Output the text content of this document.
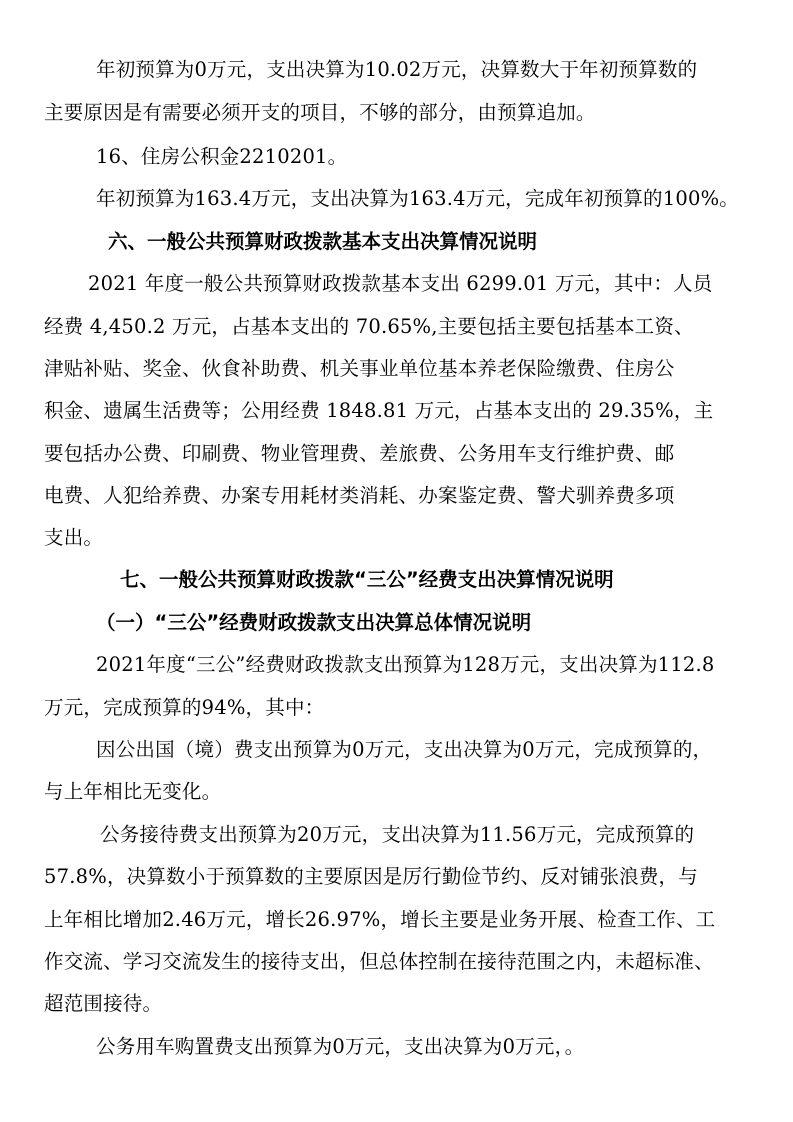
年初预算为0万元，支出决算为10.02万元，决算数大于年初预算数的
主要原因是有需要必须开支的项目，不够的部分，由预算追加。
16、住房公积金2210201。
年初预算为163.4万元，支出决算为163.4万元，完成年初预算的100%。
六、一般公共预算财政拨款基本支出决算情况说明
2021 年度一般公共预算财政拨款基本支出 6299.01 万元，其中：人员
经费 4,450.2 万元，占基本支出的 70.65%,主要包括主要包括基本工资、
津贴补贴、奖金、伙食补助费、机关事业单位基本养老保险缴费、住房公
积金、遗属生活费等；公用经费 1848.81 万元，占基本支出的 29.35%，主
要包括办公费、印刷费、物业管理费、差旅费、公务用车支行维护费、邮
电费、人犯给养费、办案专用耗材类消耗、办案鉴定费、警犬驯养费多项
支出。
七、一般公共预算财政拨款“三公”经费支出决算情况说明
（一）“三公”经费财政拨款支出决算总体情况说明
2021年度“三公”经费财政拨款支出预算为128万元，支出决算为112.8
万元，完成预算的94%，其中：
因公出国（境）费支出预算为0万元，支出决算为0万元，完成预算的，
与上年相比无变化。
公务接待费支出预算为20万元，支出决算为11.56万元，完成预算的
57.8%，决算数小于预算数的主要原因是厉行勤俭节约、反对铺张浪费，与
上年相比增加2.46万元，增长26.97%，增长主要是业务开展、检查工作、工
作交流、学习交流发生的接待支出，但总体控制在接待范围之内，未超标准、
超范围接待。
公务用车购置费支出预算为0万元，支出决算为0万元，。
